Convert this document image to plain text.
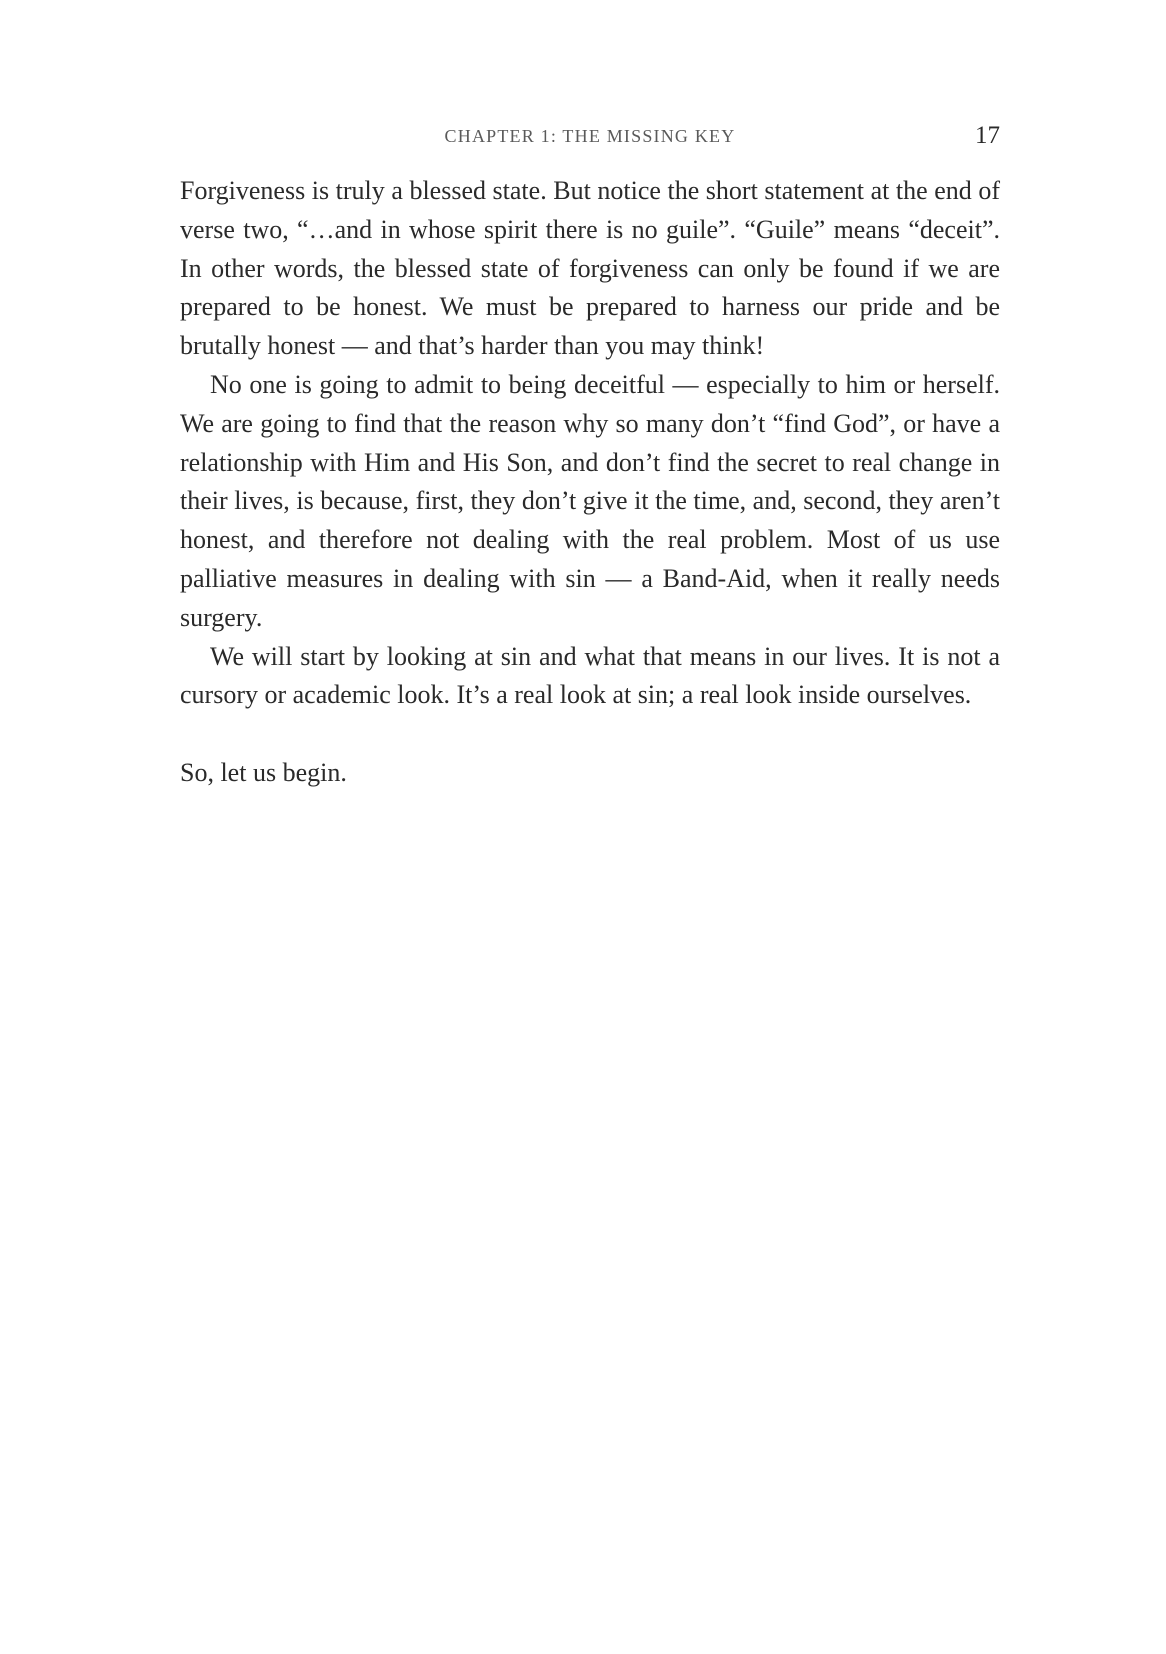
CHAPTER 1: THE MISSING KEY	17

Forgiveness is truly a blessed state. But notice the short statement at the end of verse two, “…and in whose spirit there is no guile”. “Guile” means “deceit”. In other words, the blessed state of forgiveness can only be found if we are prepared to be honest. We must be prepared to harness our pride and be brutally honest — and that’s harder than you may think!

No one is going to admit to being deceitful — especially to him or herself. We are going to find that the reason why so many don’t “find God”, or have a relationship with Him and His Son, and don’t find the secret to real change in their lives, is because, first, they don’t give it the time, and, second, they aren’t honest, and therefore not dealing with the real problem. Most of us use palliative measures in dealing with sin — a Band-Aid, when it really needs surgery.

We will start by looking at sin and what that means in our lives. It is not a cursory or academic look. It’s a real look at sin; a real look inside ourselves.

So, let us begin.
